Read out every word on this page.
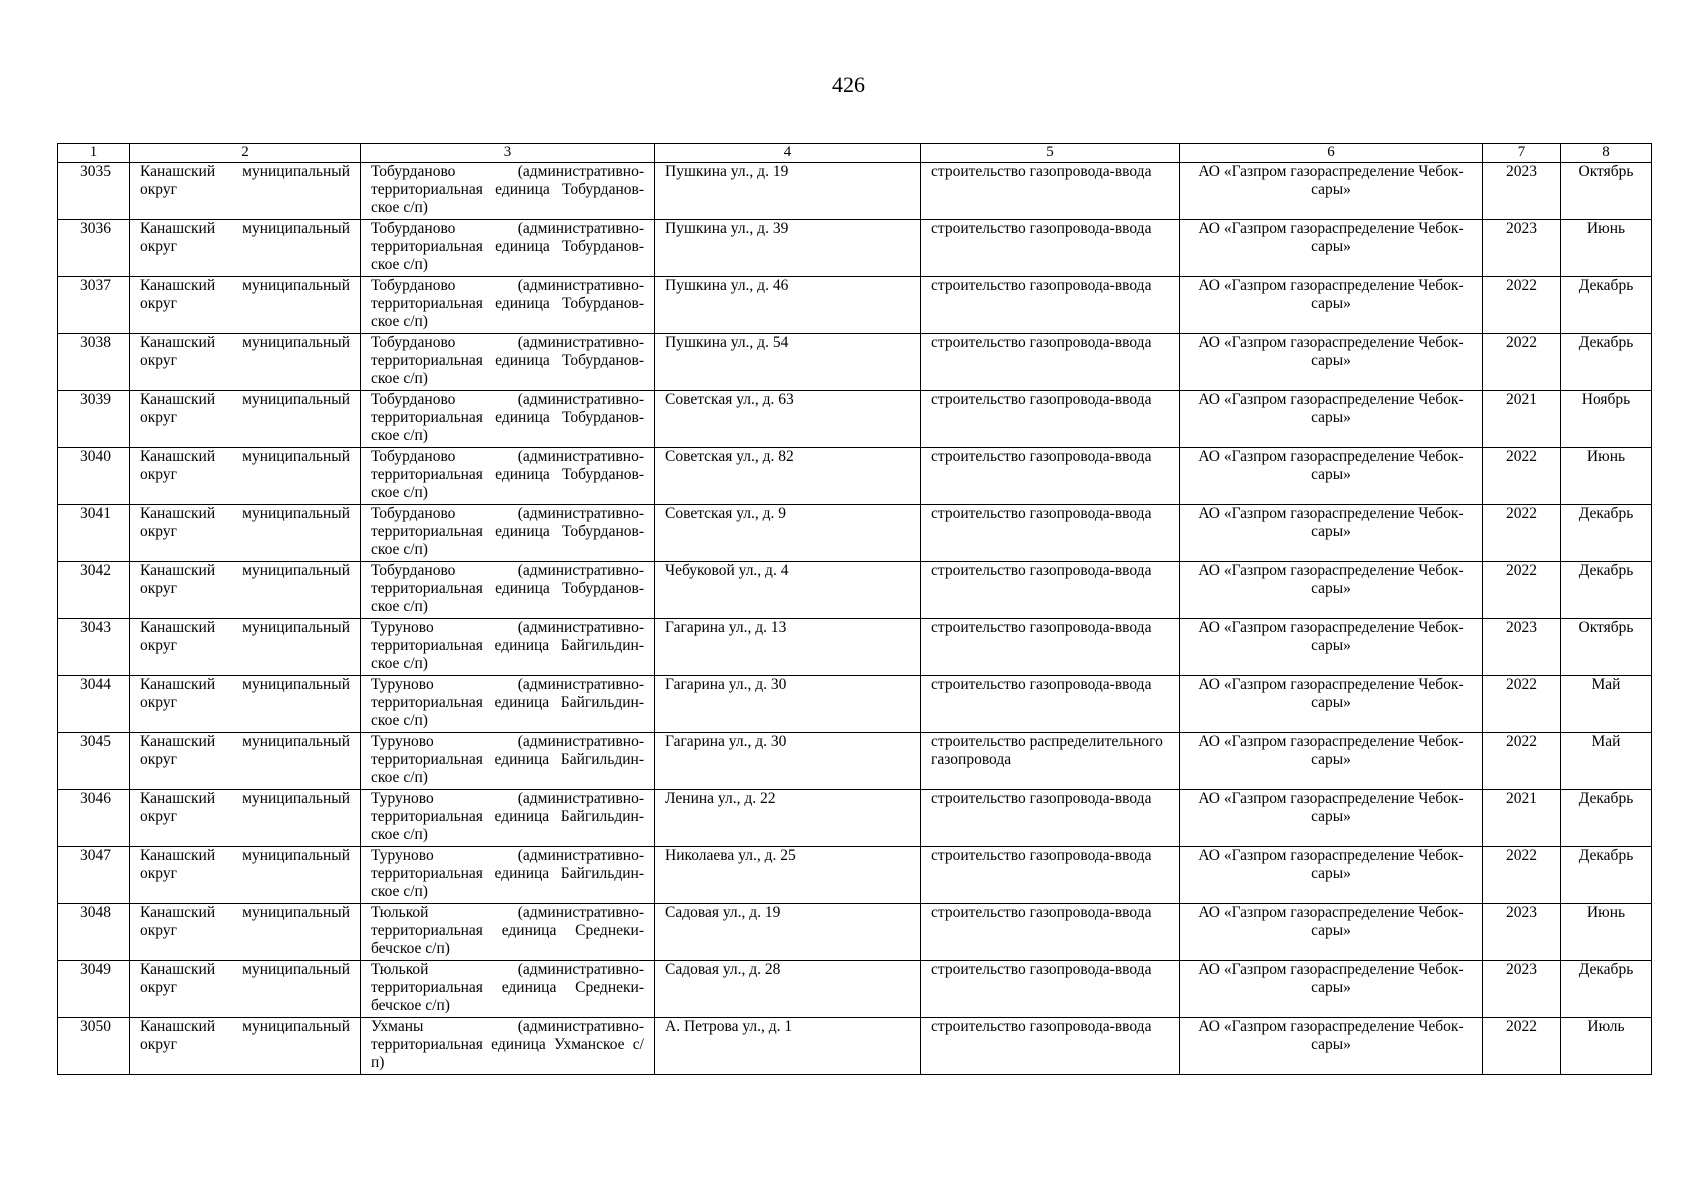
426
1	2	3	4	5	6	7	8
3035	Канашский муниципальный округ	Тобурданово (административно-территориальная единица Тобурдановское с/п)	Пушкина ул., д. 19	строительство газопровода-ввода	АО «Газпром газораспределение Чебоксары»	2023	Октябрь
3036	Канашский муниципальный округ	Тобурданово (административно-территориальная единица Тобурдановское с/п)	Пушкина ул., д. 39	строительство газопровода-ввода	АО «Газпром газораспределение Чебоксары»	2023	Июнь
3037	Канашский муниципальный округ	Тобурданово (административно-территориальная единица Тобурдановское с/п)	Пушкина ул., д. 46	строительство газопровода-ввода	АО «Газпром газораспределение Чебоксары»	2022	Декабрь
3038	Канашский муниципальный округ	Тобурданово (административно-территориальная единица Тобурдановское с/п)	Пушкина ул., д. 54	строительство газопровода-ввода	АО «Газпром газораспределение Чебоксары»	2022	Декабрь
3039	Канашский муниципальный округ	Тобурданово (административно-территориальная единица Тобурдановское с/п)	Советская ул., д. 63	строительство газопровода-ввода	АО «Газпром газораспределение Чебоксары»	2021	Ноябрь
3040	Канашский муниципальный округ	Тобурданово (административно-территориальная единица Тобурдановское с/п)	Советская ул., д. 82	строительство газопровода-ввода	АО «Газпром газораспределение Чебоксары»	2022	Июнь
3041	Канашский муниципальный округ	Тобурданово (административно-территориальная единица Тобурдановское с/п)	Советская ул., д. 9	строительство газопровода-ввода	АО «Газпром газораспределение Чебоксары»	2022	Декабрь
3042	Канашский муниципальный округ	Тобурданово (административно-территориальная единица Тобурдановское с/п)	Чебуковой ул., д. 4	строительство газопровода-ввода	АО «Газпром газораспределение Чебоксары»	2022	Декабрь
3043	Канашский муниципальный округ	Туруново (административно-территориальная единица Байгильдинское с/п)	Гагарина ул., д. 13	строительство газопровода-ввода	АО «Газпром газораспределение Чебоксары»	2023	Октябрь
3044	Канашский муниципальный округ	Туруново (административно-территориальная единица Байгильдинское с/п)	Гагарина ул., д. 30	строительство газопровода-ввода	АО «Газпром газораспределение Чебоксары»	2022	Май
3045	Канашский муниципальный округ	Туруново (административно-территориальная единица Байгильдинское с/п)	Гагарина ул., д. 30	строительство распределительного газопровода	АО «Газпром газораспределение Чебоксары»	2022	Май
3046	Канашский муниципальный округ	Туруново (административно-территориальная единица Байгильдинское с/п)	Ленина ул., д. 22	строительство газопровода-ввода	АО «Газпром газораспределение Чебоксары»	2021	Декабрь
3047	Канашский муниципальный округ	Туруново (административно-территориальная единица Байгильдинское с/п)	Николаева ул., д. 25	строительство газопровода-ввода	АО «Газпром газораспределение Чебоксары»	2022	Декабрь
3048	Канашский муниципальный округ	Тюлькой (административно-территориальная единица Среднекибечское с/п)	Садовая ул., д. 19	строительство газопровода-ввода	АО «Газпром газораспределение Чебоксары»	2023	Июнь
3049	Канашский муниципальный округ	Тюлькой (административно-территориальная единица Среднекибечское с/п)	Садовая ул., д. 28	строительство газопровода-ввода	АО «Газпром газораспределение Чебоксары»	2023	Декабрь
3050	Канашский муниципальный округ	Ухманы (административно-территориальная единица Ухманское с/п)	А. Петрова ул., д. 1	строительство газопровода-ввода	АО «Газпром газораспределение Чебоксары»	2022	Июль
